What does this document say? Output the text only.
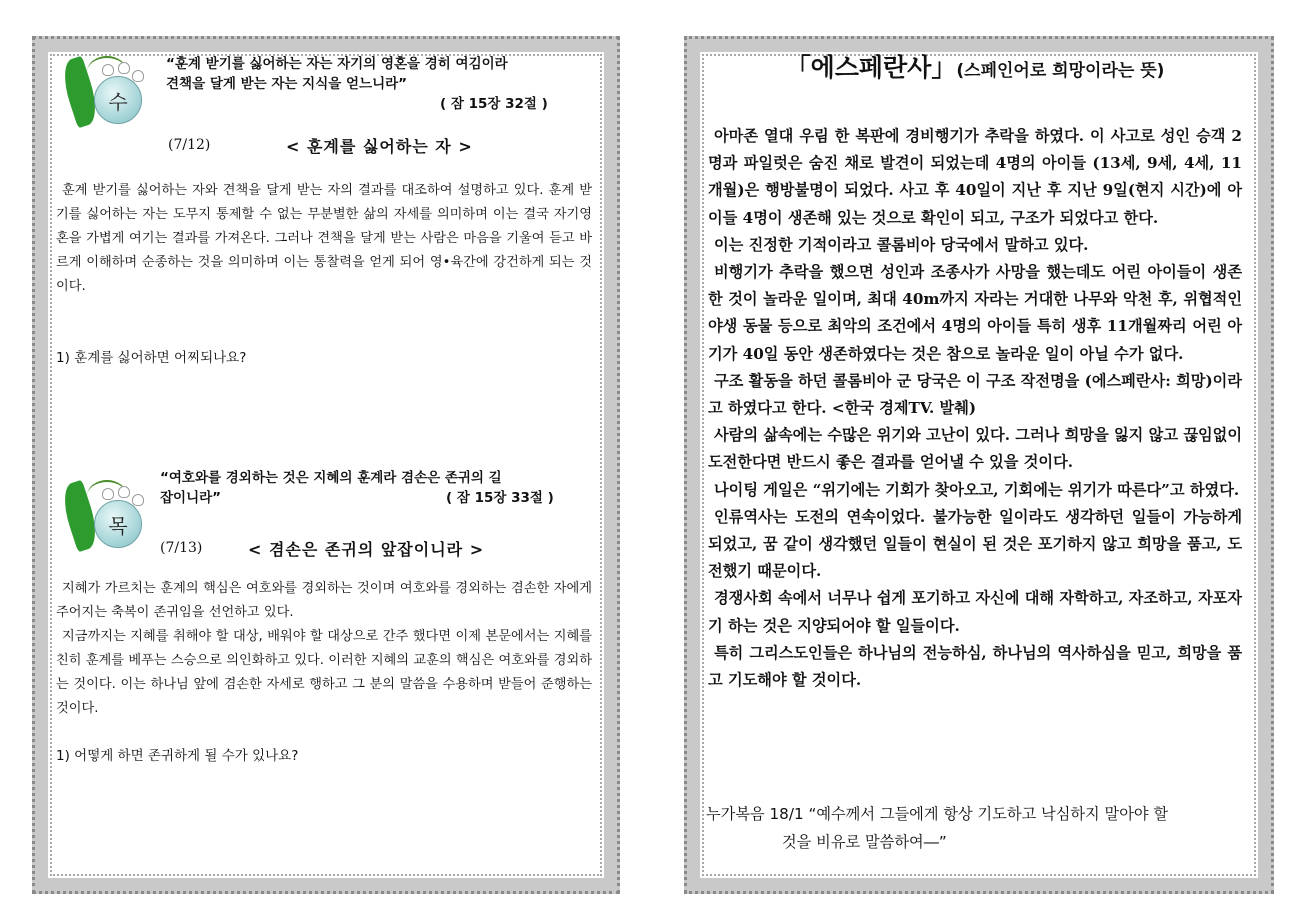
수
“훈계 받기를 싫어하는 자는 자기의 영혼을 경히 여김이라
견책을 달게 받는 자는 지식을 얻느니라”
( 잠 15장 32절 )
(7/12)	< 훈계를 싫어하는 자 >

훈계 받기를 싫어하는 자와 견책을 달게 받는 자의 결과를 대조하여 설명하고 있다. 훈계 받기를 싫어하는 자는 도무지 통제할 수 없는 무분별한 삶의 자세를 의미하며 이는 결국 자기영혼을 가볍게 여기는 결과를 가져온다. 그러나 견책을 달게 받는 사람은 마음을 기울여 듣고 바르게 이해하며 순종하는 것을 의미하며 이는 통찰력을 얻게 되어 영•육간에 강건하게 되는 것이다.

1) 훈계를 싫어하면 어찌되나요?
목
“여호와를 경외하는 것은 지혜의 훈계라 겸손은 존귀의 길
잡이니라”	( 잠 15장 33절 )
(7/13)	< 겸손은 존귀의 앞잡이니라 >

지혜가 가르치는 훈계의 핵심은 여호와를 경외하는 것이며 여호와를 경외하는 겸손한 자에게 주어지는 축복이 존귀임을 선언하고 있다.

지금까지는 지혜를 취해야 할 대상, 배워야 할 대상으로 간주 했다면 이제 본문에서는 지혜를 친히 훈계를 베푸는 스승으로 의인화하고 있다. 이러한 지혜의 교훈의 핵심은 여호와를 경외하는 것이다. 이는 하나님 앞에 겸손한 자세로 행하고 그 분의 말씀을 수용하며 받들어 준행하는 것이다.

1) 어떻게 하면 존귀하게 될 수가 있나요?
「에스페란사」(스페인어로 희망이라는 뜻)

아마존 열대 우림 한 복판에 경비행기가 추락을 하였다. 이 사고로 성인 승객 2명과 파일럿은 숨진 채로 발견이 되었는데 4명의 아이들 (13세, 9세, 4세, 11개월)은 행방불명이 되었다. 사고 후 40일이 지난 후 지난 9일(현지 시간)에 아이들 4명이 생존해 있는 것으로 확인이 되고, 구조가 되었다고 한다.

이는 진정한 기적이라고 콜롬비아 당국에서 말하고 있다.

비행기가 추락을 했으면 성인과 조종사가 사망을 했는데도 어린 아이들이 생존한 것이 놀라운 일이며, 최대 40m까지 자라는 거대한 나무와 악천 후, 위협적인 야생 동물 등으로 최악의 조건에서 4명의 아이들 특히 생후 11개월짜리 어린 아기가 40일 동안 생존하였다는 것은 참으로 놀라운 일이 아닐 수가 없다.

구조 활동을 하던 콜롬비아 군 당국은 이 구조 작전명을 (에스페란사: 희망)이라고 하였다고 한다. <한국 경제TV. 발췌)

사람의 삶속에는 수많은 위기와 고난이 있다. 그러나 희망을 잃지 않고 끊임없이 도전한다면 반드시 좋은 결과를 얻어낼 수 있을 것이다.

나이팅 게일은 “위기에는 기회가 찾아오고, 기회에는 위기가 따른다”고 하였다.

인류역사는 도전의 연속이었다. 불가능한 일이라도 생각하던 일들이 가능하게 되었고, 꿈 같이 생각했던 일들이 현실이 된 것은 포기하지 않고 희망을 품고, 도전했기 때문이다.

경쟁사회 속에서 너무나 쉽게 포기하고 자신에 대해 자학하고, 자조하고, 자포자기 하는 것은 지양되어야 할 일들이다.

특히 그리스도인들은 하나님의 전능하심, 하나님의 역사하심을 믿고, 희망을 품고 기도해야 할 것이다.

누가복음 18/1 “예수께서 그들에게 항상 기도하고 낙심하지 말아야 할
것을 비유로 말씀하여―”
